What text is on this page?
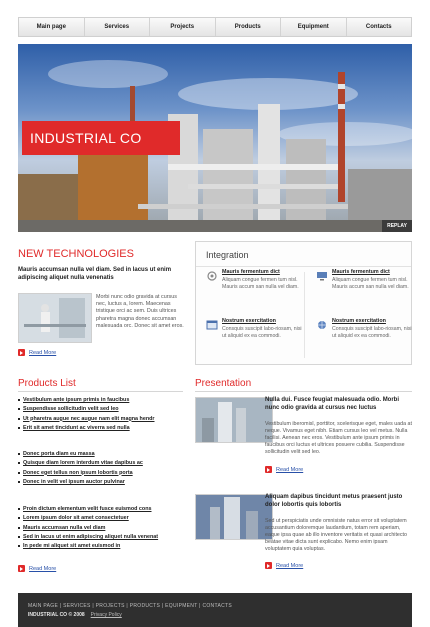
Main page	Services	Projects	Products	Equipment	Contacts
INDUSTRIAL CO
REPLAY
NEW TECHNOLOGIES
Mauris accumsan nulla vel diam. Sed in lacus ut enim adipiscing aliquet nulla venenatis
Morbi nunc odio gravida at cursus nec, luctus a, lorem. Maecenas tristique orci ac sem. Duis ultrices pharetra magna donec accumsan malesuada orc. Donec sit amet eros.
Read More
Integration
Mauris fermentum dict
Aliquam congue fermen tum nisl. Mauris accum san nulla vel diam.
Mauris fermentum dict
Aliquam congue fermen tum nisl. Mauris accum san nulla vel diam.
Nostrum exercitation
Consquis suscipit labo-riosam, nisi ut aliquid ex ea commodi.
Nostrum exercitation
Consquis suscipit labo-riosam, nisi ut aliquid ex ea commodi.
Products List
Vestibulum ante ipsum primis in faucibus
Suspendisse sollicitudin velit sed leo
Ut pharetra augue nec augue nam elit magna hendr
Erit sit amet tincidunt ac viverra sed nulla
Donec porta diam eu massa
Quisque diam lorem interdum vitae dapibus ac
Donec eget tellus non ipsum lobortis porta
Donec in velit vel ipsum auctor pulvinar
Proin dictum elementum velit fusce euismod cons
Lorem ipsum dolor sit amet consectetuer
Mauris accumsan nulla vel diam
Sed in lacus ut enim adipiscing aliquet nulla venenat
In pede mi aliquet sit amet euismod in
Read More
Presentation
Nulla dui. Fusce feugiat malesuada odio. Morbi nunc odio gravida at cursus nec luctus
Vestibulum iberomisl, porttitor, scelerisque eget, males uada at neque. Vivamus eget nibh. Etiam cursus leo vel metus. Nulla facilisi. Aenean nec eros. Vestibulum ante ipsum primis in faucibus orci luctus et ultrices posuere cubilia. Suspendisse sollicitudin velit sed leo.
Read More
Aliquam dapibus tincidunt metus praesent justo dolor lobortis quis lobortis
Sed ut perspiciatis unde omnisiste natus error sit voluptatem accusantium doloremque laudantium, totam rem aperiam, eaque ipsa quae ab illo inventore veritatis et quasi architecto beatae vitae dicta sunt explicabo. Nemo enim ipsam voluptatem quia voluptas.
Read More
MAIN PAGE | SERVICES | PROJECTS | PRODUCTS | EQUIPMENT | CONTACTS
INDUSTRIAL CO © 2008 Privacy Policy
